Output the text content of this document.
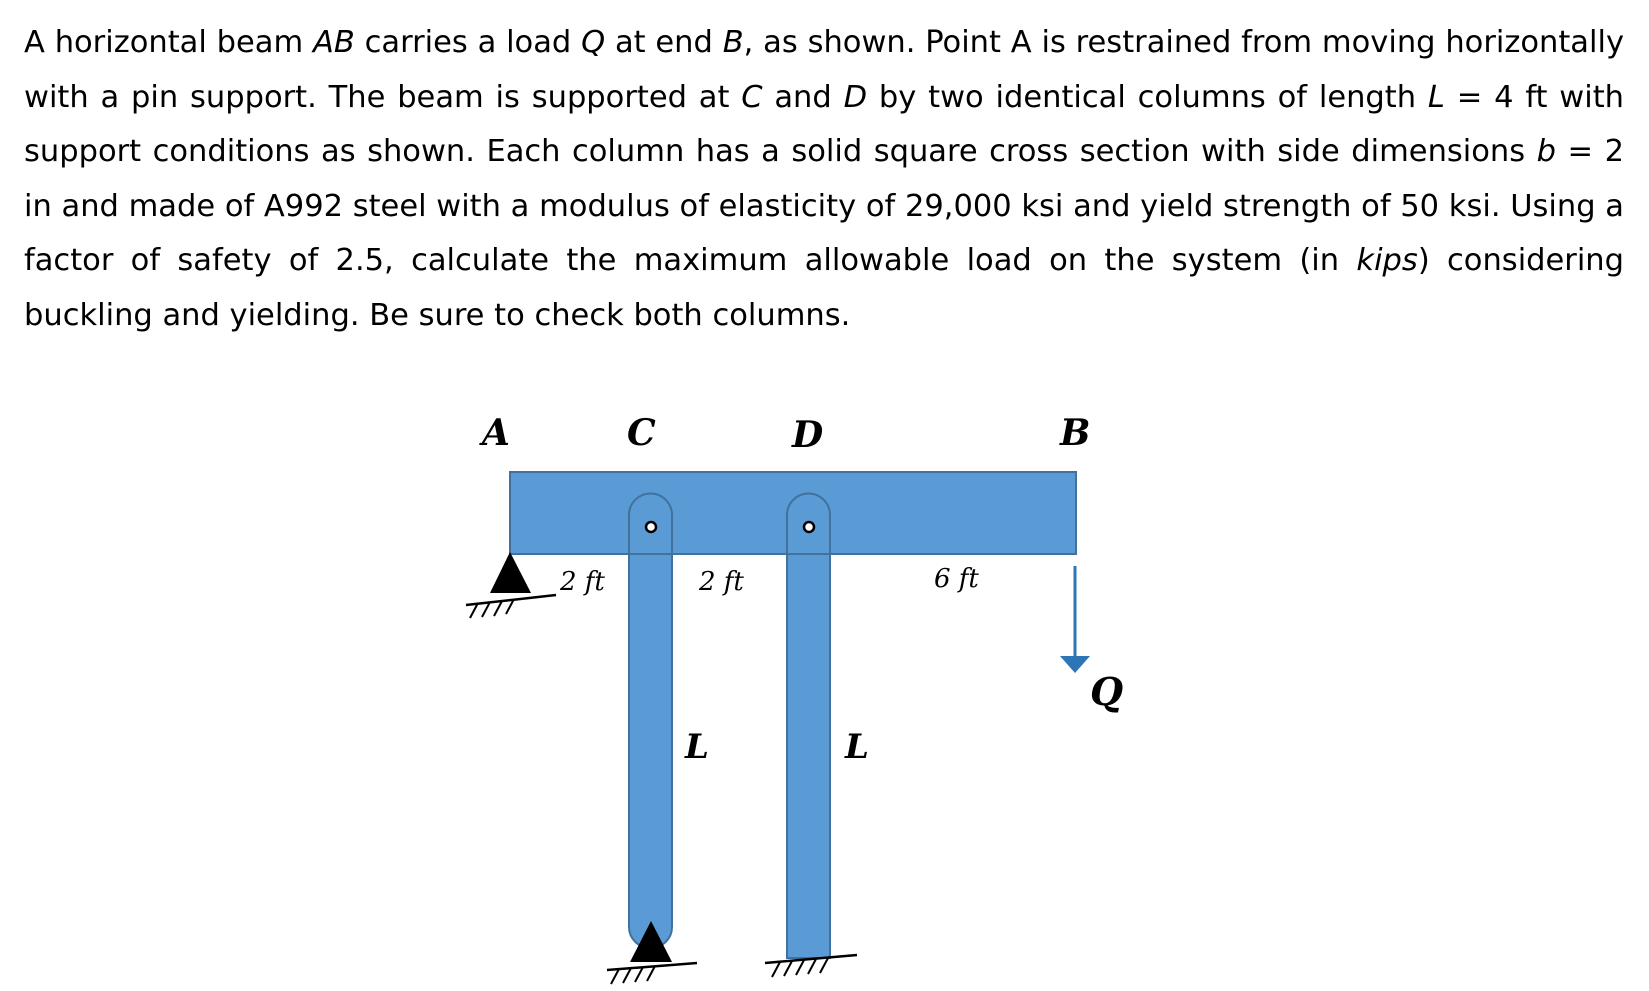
A horizontal beam AB carries a load Q at end B, as shown. Point A is restrained from moving horizontally with a pin support. The beam is supported at C and D by two identical columns of length L = 4 ft with support conditions as shown. Each column has a solid square cross section with side dimensions b = 2 in and made of A992 steel with a modulus of elasticity of 29,000 ksi and yield strength of 50 ksi. Using a factor of safety of 2.5, calculate the maximum allowable load on the system (in kips) considering buckling and yielding. Be sure to check both columns.

A	C	D	B
2 ft	2 ft	6 ft
L	L
Q
